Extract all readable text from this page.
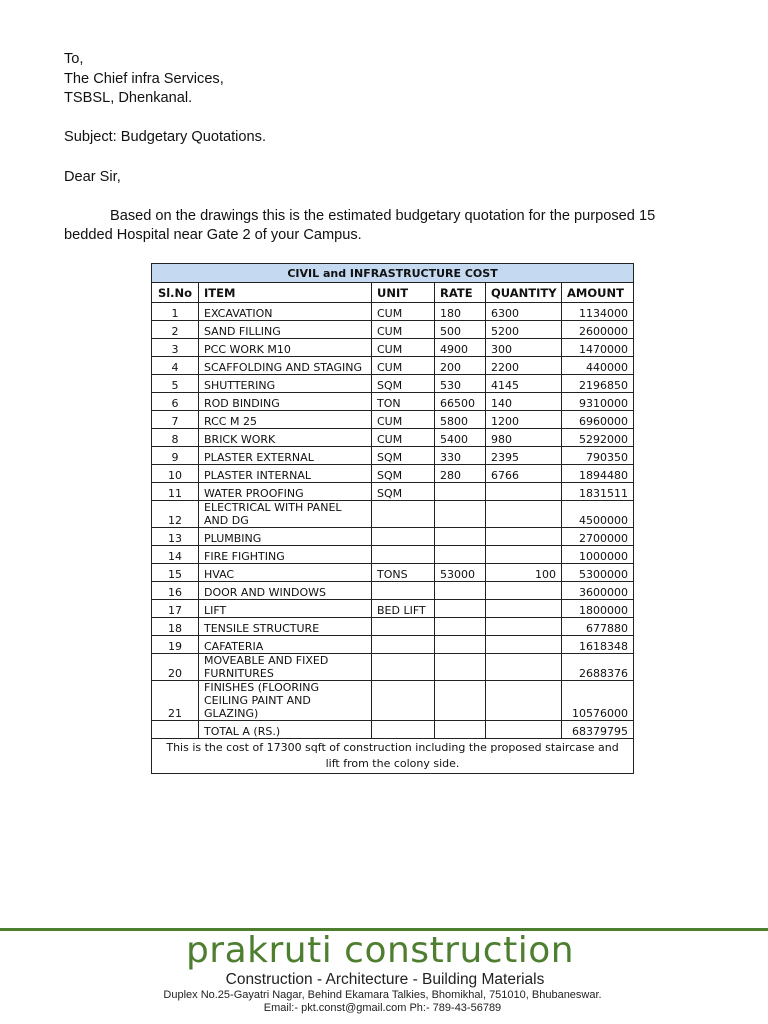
To,

The Chief infra Services,

TSBSL, Dhenkanal.

Subject: Budgetary Quotations.

Dear Sir,

Based on the drawings this is the estimated budgetary quotation for the purposed 15 bedded Hospital near Gate 2 of your Campus.

CIVIL and INFRASTRUCTURE COST					
Sl.No	ITEM	UNIT	RATE	QUANTITY	AMOUNT
1	EXCAVATION	CUM	180	6300	1134000
2	SAND FILLING	CUM	500	5200	2600000
3	PCC WORK M10	CUM	4900	300	1470000
4	SCAFFOLDING AND STAGING	CUM	200	2200	440000
5	SHUTTERING	SQM	530	4145	2196850
6	ROD BINDING	TON	66500	140	9310000
7	RCC M 25	CUM	5800	1200	6960000
8	BRICK WORK	CUM	5400	980	5292000
9	PLASTER EXTERNAL	SQM	330	2395	790350
10	PLASTER INTERNAL	SQM	280	6766	1894480
11	WATER PROOFING	SQM			1831511
12	ELECTRICAL WITH PANEL AND DG				4500000
13	PLUMBING				2700000
14	FIRE FIGHTING				1000000
15	HVAC	TONS	53000	100	5300000
16	DOOR AND WINDOWS				3600000
17	LIFT	BED LIFT			1800000
18	TENSILE STRUCTURE				677880
19	CAFATERIA				1618348
20	MOVEABLE AND FIXED FURNITURES				2688376
21	FINISHES (FLOORING CEILING PAINT AND GLAZING)				10576000
	TOTAL A (RS.)				68379795
This is the cost of 17300 sqft of construction including the proposed staircase and lift from the colony side.					
prakruti construction
Construction - Architecture - Building Materials
Duplex No.25-Gayatri Nagar, Behind Ekamara Talkies, Bhomikhal, 751010, Bhubaneswar.
Email:- pkt.const@gmail.com Ph:- 789-43-56789
